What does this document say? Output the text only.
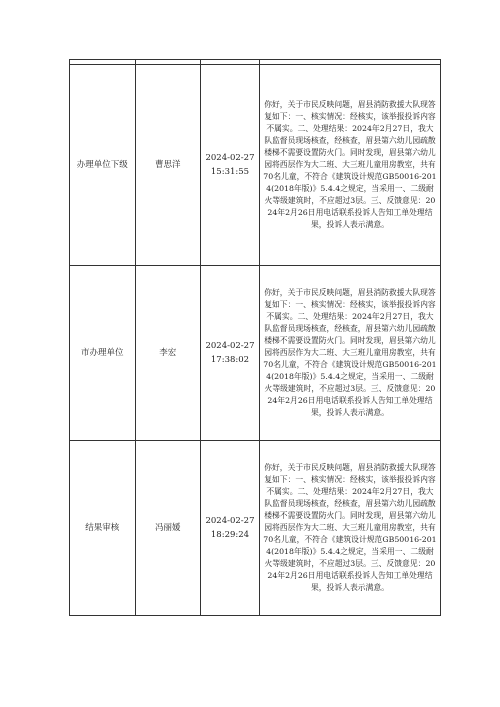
办理单位下级	曹思洋	2024-02-27 15:31:55	你好，关于市民反映问题，眉县消防救援大队现答复如下：一、核实情况：经核实，该举报投诉内容不属实。二、处理结果：2024年2月27日，我大队监督员现场核查，经核查，眉县第六幼儿园疏散楼梯不需要设置防火门。同时发现，眉县第六幼儿园将西层作为大二班、大三班儿童用房教室，共有70名儿童，不符合《建筑设计规范GB50016-2014(2018年版)》5.4.4之规定，当采用一、二级耐火等级建筑时，不应超过3层。三、反馈意见：2024年2月26日用电话联系投诉人告知工单处理结果，投诉人表示满意。

市办理单位	李宏	2024-02-27 17:38:02	你好，关于市民反映问题，眉县消防救援大队现答复如下：一、核实情况：经核实，该举报投诉内容不属实。二、处理结果：2024年2月27日，我大队监督员现场核查，经核查，眉县第六幼儿园疏散楼梯不需要设置防火门。同时发现，眉县第六幼儿园将西层作为大二班、大三班儿童用房教室，共有70名儿童，不符合《建筑设计规范GB50016-2014(2018年版)》5.4.4之规定，当采用一、二级耐火等级建筑时，不应超过3层。三、反馈意见：2024年2月26日用电话联系投诉人告知工单处理结果，投诉人表示满意。

结果审核	冯丽媛	2024-02-27 18:29:24	你好，关于市民反映问题，眉县消防救援大队现答复如下：一、核实情况：经核实，该举报投诉内容不属实。二、处理结果：2024年2月27日，我大队监督员现场核查，经核查，眉县第六幼儿园疏散楼梯不需要设置防火门。同时发现，眉县第六幼儿园将西层作为大二班、大三班儿童用房教室，共有70名儿童，不符合《建筑设计规范GB50016-2014(2018年版)》5.4.4之规定，当采用一、二级耐火等级建筑时，不应超过3层。三、反馈意见：2024年2月26日用电话联系投诉人告知工单处理结果，投诉人表示满意。
